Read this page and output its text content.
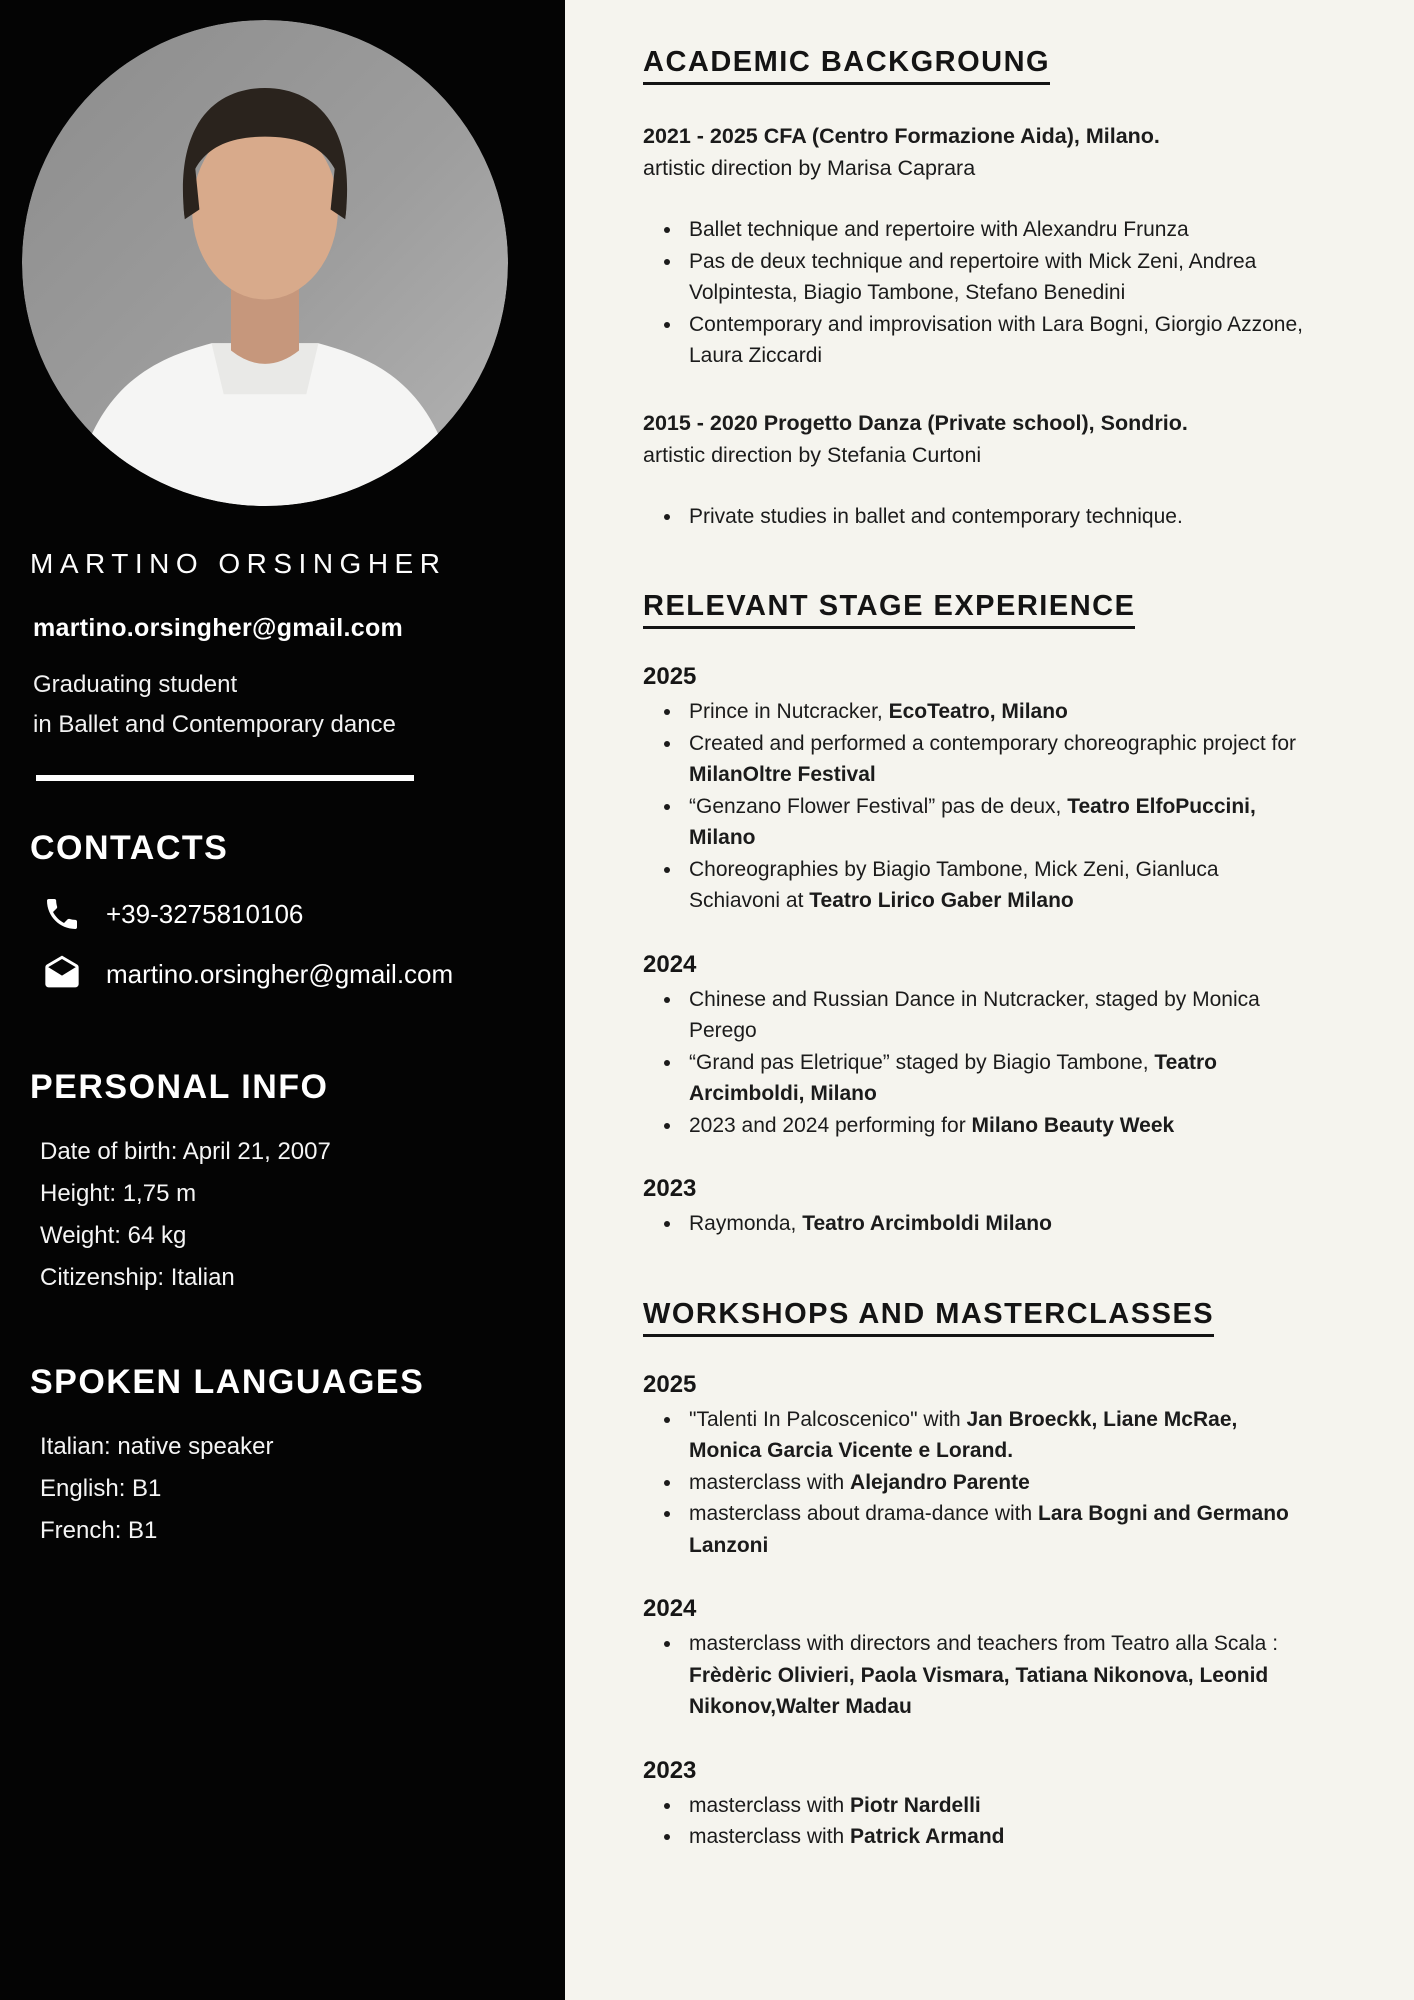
MARTINO ORSINGHER
martino.orsingher@gmail.com
Graduating student
in Ballet and Contemporary dance
CONTACTS
+39-3275810106
martino.orsingher@gmail.com
PERSONAL INFO
Date of birth: April 21, 2007
Height: 1,75 m
Weight: 64 kg
Citizenship: Italian
SPOKEN LANGUAGES
Italian: native speaker
English: B1
French: B1
ACADEMIC BACKGROUNG

2021 - 2025 CFA (Centro Formazione Aida), Milano.

artistic direction by Marisa Caprara

• Ballet technique and repertoire with Alexandru Frunza
• Pas de deux technique and repertoire with Mick Zeni, Andrea Volpintesta, Biagio Tambone, Stefano Benedini
• Contemporary and improvisation with Lara Bogni, Giorgio Azzone, Laura Ziccardi

2015 - 2020 Progetto Danza (Private school), Sondrio.

artistic direction by Stefania Curtoni

• Private studies in ballet and contemporary technique.
RELEVANT STAGE EXPERIENCE
2025
• Prince in Nutcracker, EcoTeatro, Milano
• Created and performed a contemporary choreographic project for MilanOltre Festival
• “Genzano Flower Festival” pas de deux, Teatro ElfoPuccini, Milano
• Choreographies by Biagio Tambone, Mick Zeni, Gianluca Schiavoni at Teatro Lirico Gaber Milano
2024
• Chinese and Russian Dance in Nutcracker, staged by Monica Perego
• “Grand pas Eletrique” staged by Biagio Tambone, Teatro Arcimboldi, Milano
• 2023 and 2024 performing for Milano Beauty Week
2023
• Raymonda, Teatro Arcimboldi Milano
WORKSHOPS AND MASTERCLASSES
2025
• "Talenti In Palcoscenico" with Jan Broeckk, Liane McRae, Monica Garcia Vicente e Lorand.
• masterclass with Alejandro Parente
• masterclass about drama-dance with Lara Bogni and Germano Lanzoni
2024
• masterclass with directors and teachers from Teatro alla Scala : Frèdèric Olivieri, Paola Vismara, Tatiana Nikonova, Leonid Nikonov,Walter Madau
2023
• masterclass with Piotr Nardelli
• masterclass with Patrick Armand
